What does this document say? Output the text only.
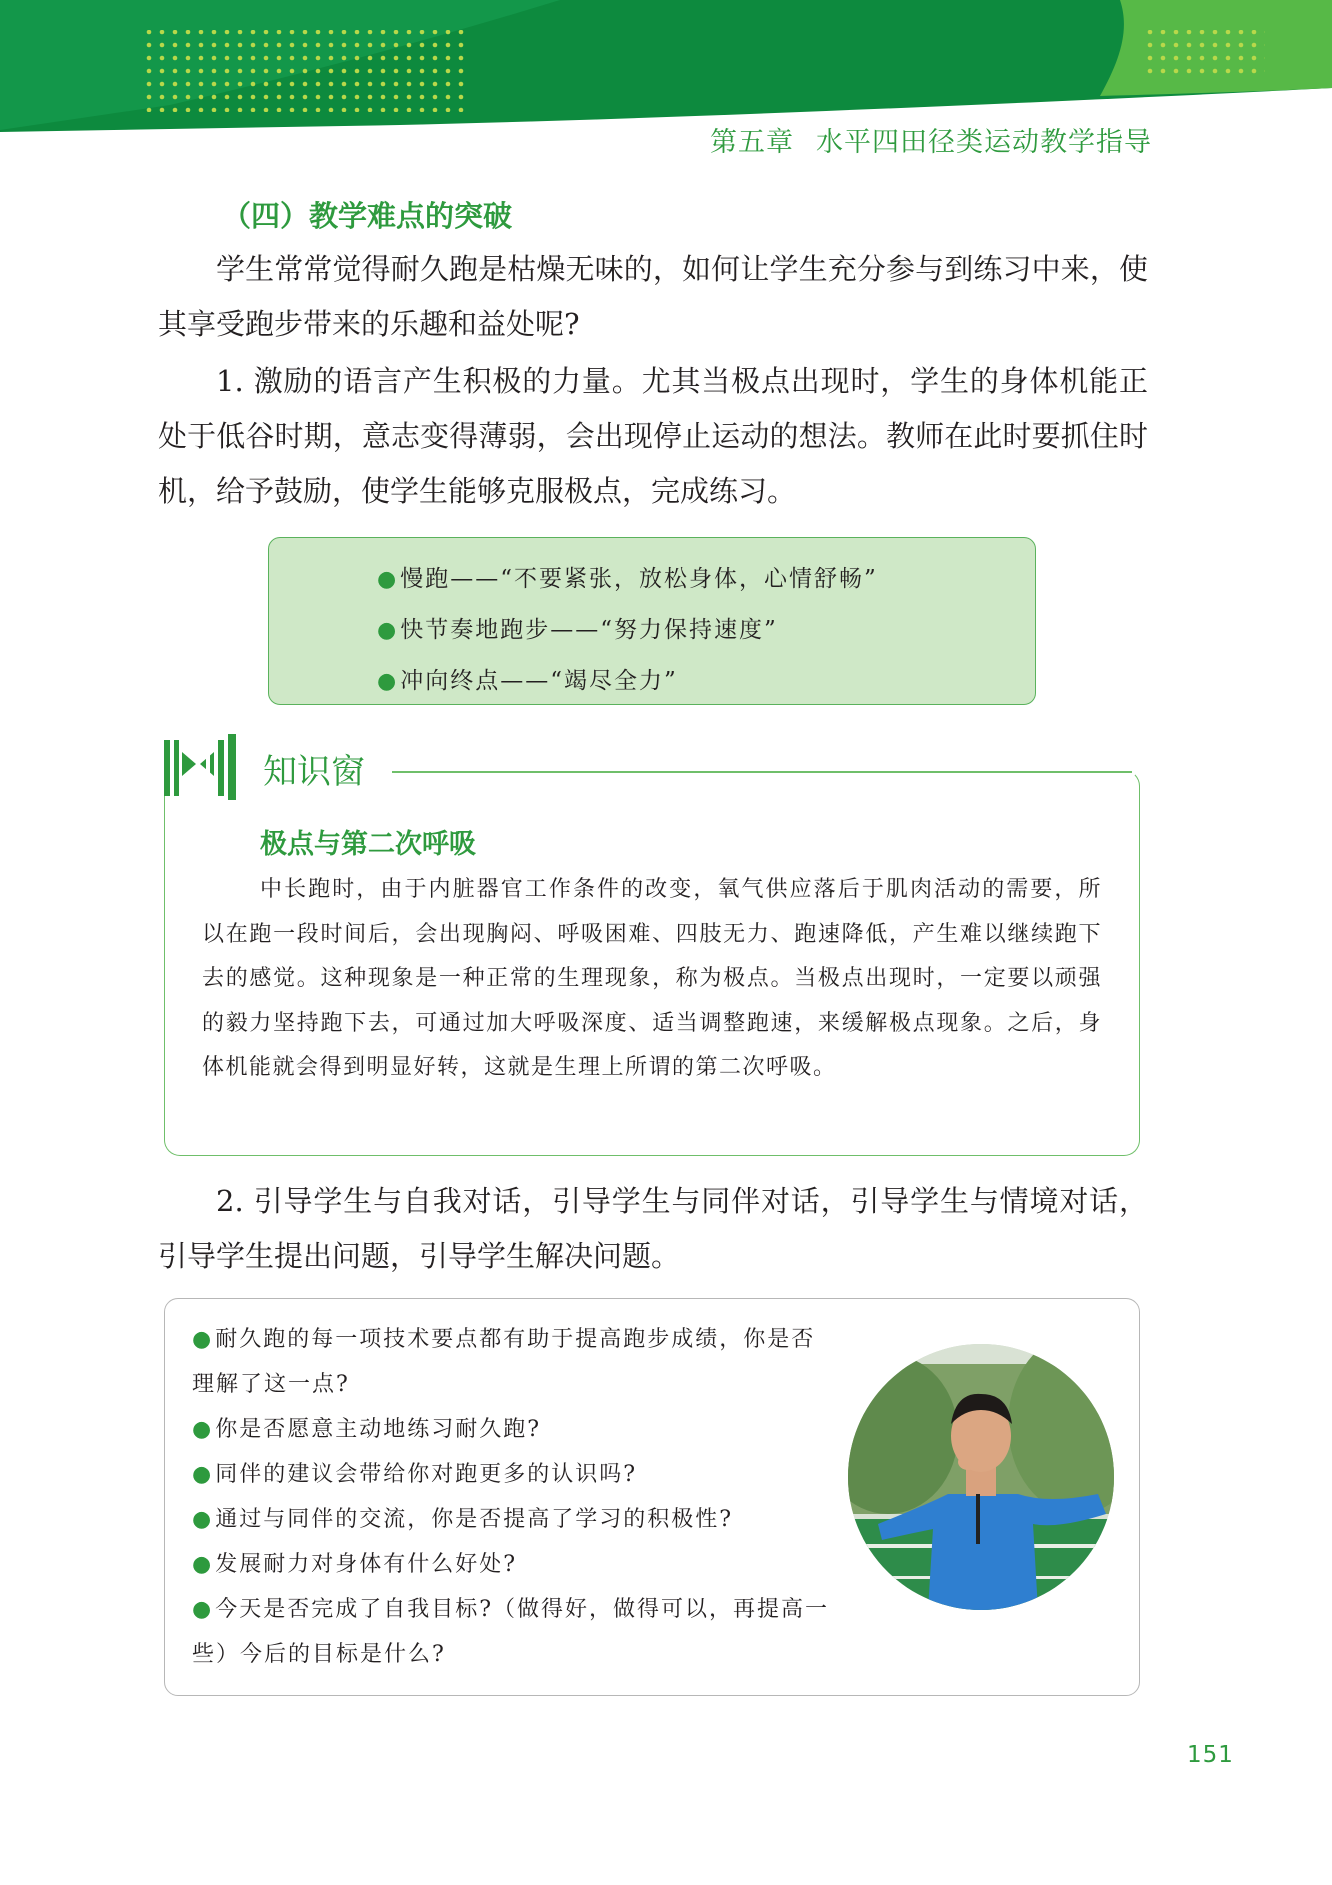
第五章 水平四田径类运动教学指导
（四）教学难点的突破

学生常常觉得耐久跑是枯燥无味的，如何让学生充分参与到练习中来，使其享受跑步带来的乐趣和益处呢?

1. 激励的语言产生积极的力量。尤其当极点出现时，学生的身体机能正处于低谷时期，意志变得薄弱，会出现停止运动的想法。教师在此时要抓住时机，给予鼓励，使学生能够克服极点，完成练习。

●慢跑——“不要紧张，放松身体，心情舒畅”
●快节奏地跑步——“努力保持速度”
●冲向终点——“竭尽全力”
知识窗
极点与第二次呼吸

中长跑时，由于内脏器官工作条件的改变，氧气供应落后于肌肉活动的需要，所以在跑一段时间后，会出现胸闷、呼吸困难、四肢无力、跑速降低，产生难以继续跑下去的感觉。这种现象是一种正常的生理现象，称为极点。当极点出现时，一定要以顽强的毅力坚持跑下去，可通过加大呼吸深度、适当调整跑速，来缓解极点现象。之后，身体机能就会得到明显好转，这就是生理上所谓的第二次呼吸。

2. 引导学生与自我对话，引导学生与同伴对话，引导学生与情境对话，引导学生提出问题，引导学生解决问题。

●耐久跑的每一项技术要点都有助于提高跑步成绩，你是否理解了这一点?
●你是否愿意主动地练习耐久跑?
●同伴的建议会带给你对跑更多的认识吗?
●通过与同伴的交流，你是否提高了学习的积极性?
●发展耐力对身体有什么好处?
●今天是否完成了自我目标?（做得好，做得可以，再提高一些）今后的目标是什么?
151
